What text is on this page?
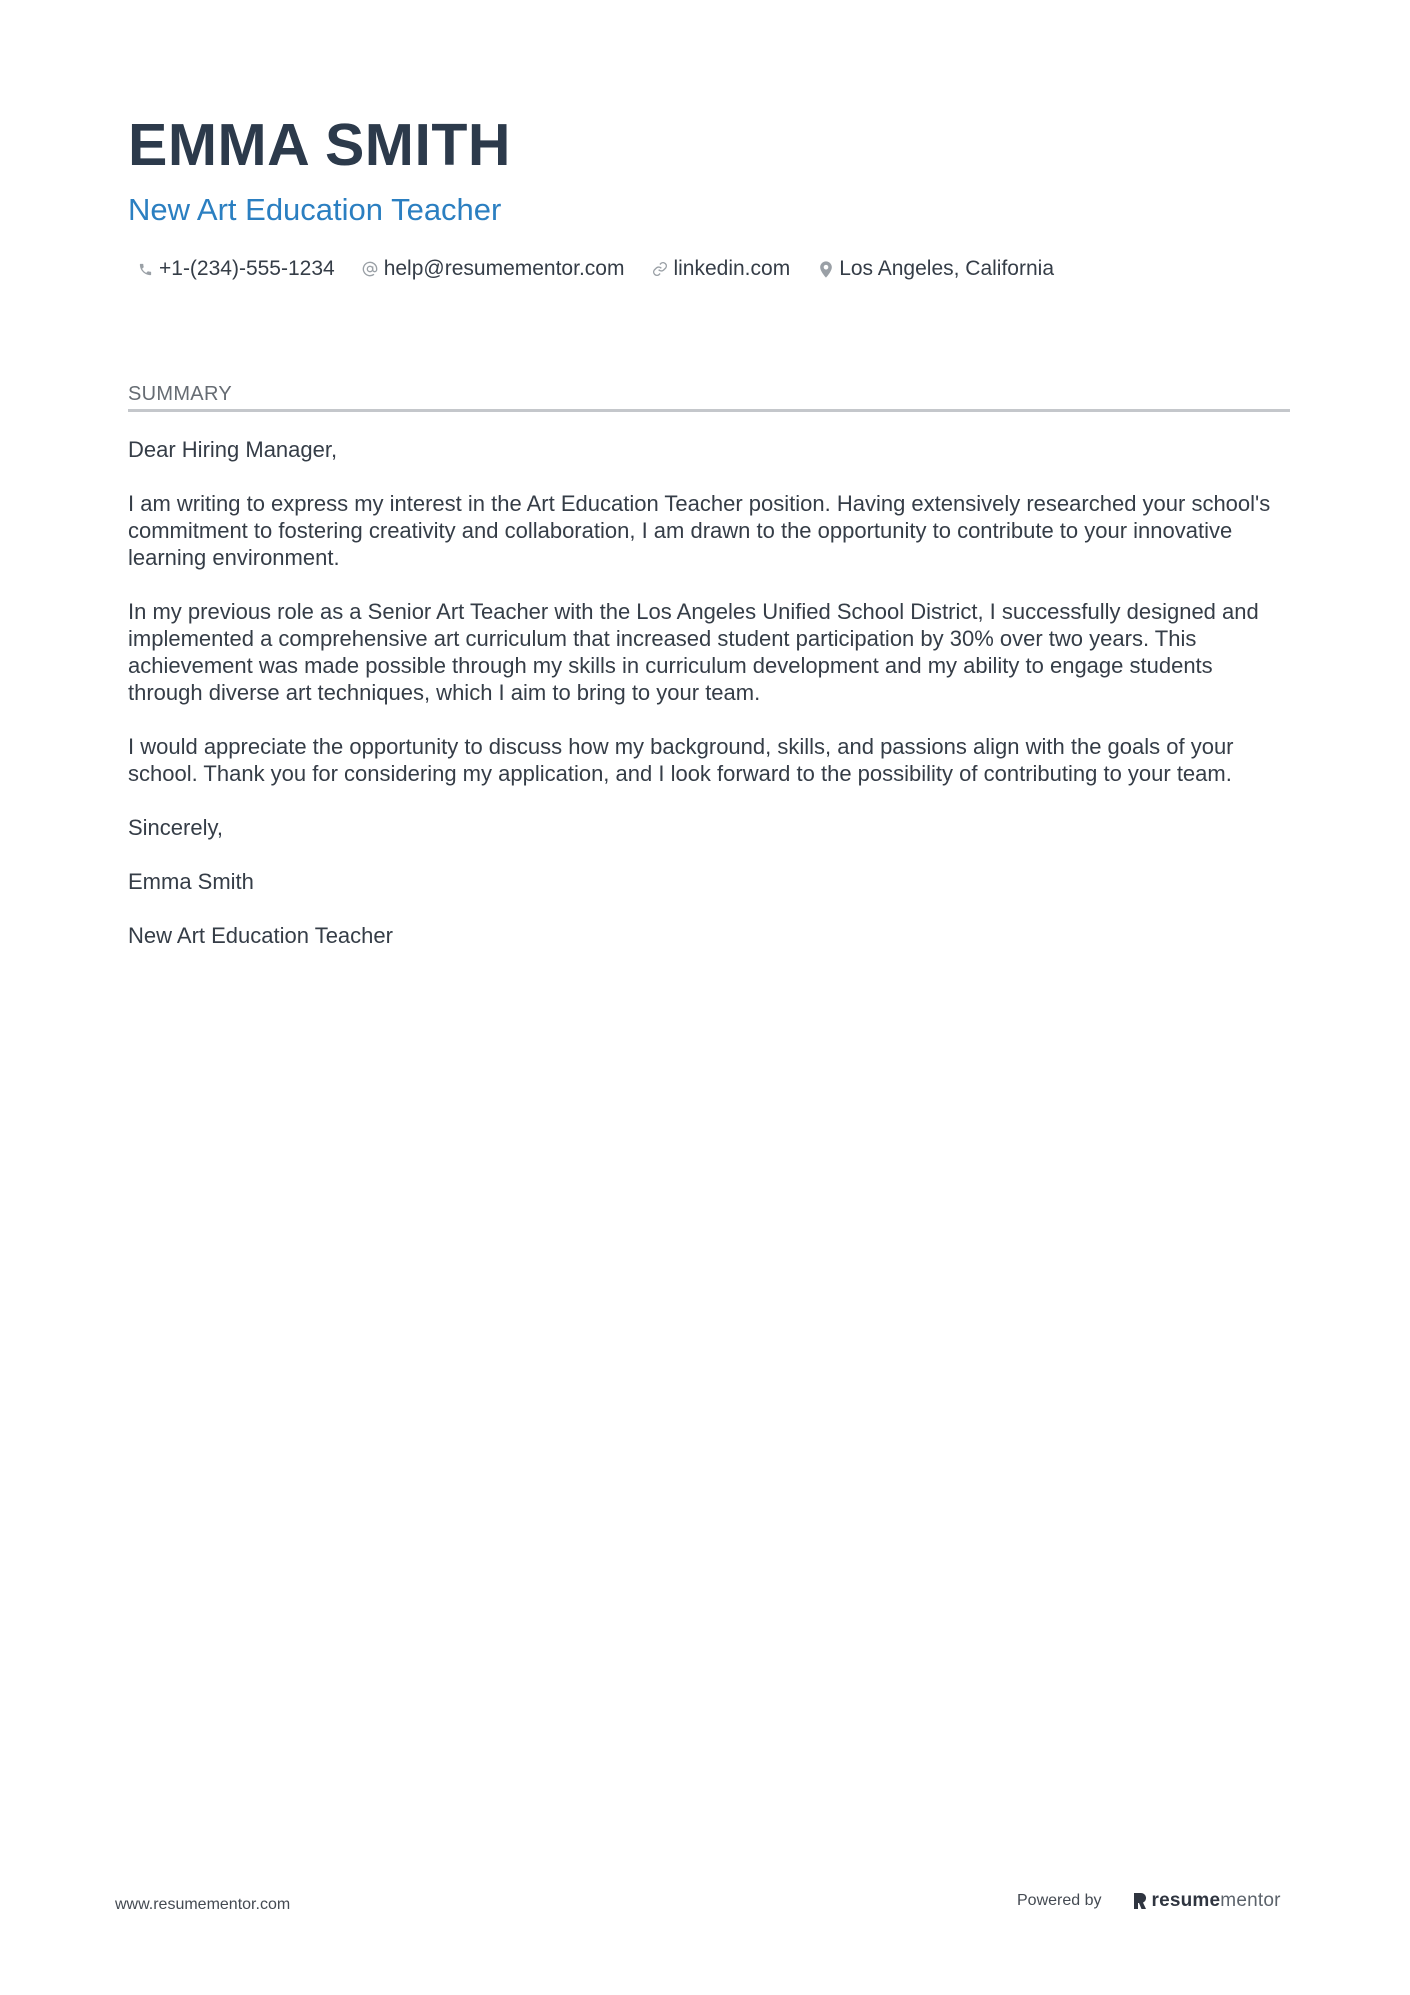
EMMA SMITH
New Art Education Teacher
+1-(234)-555-1234 help@resumementor.com linkedin.com Los Angeles, California
SUMMARY

Dear Hiring Manager,

I am writing to express my interest in the Art Education Teacher position. Having extensively researched your school's commitment to fostering creativity and collaboration, I am drawn to the opportunity to contribute to your innovative learning environment.

In my previous role as a Senior Art Teacher with the Los Angeles Unified School District, I successfully designed and implemented a comprehensive art curriculum that increased student participation by 30% over two years. This achievement was made possible through my skills in curriculum development and my ability to engage students through diverse art techniques, which I aim to bring to your team.

I would appreciate the opportunity to discuss how my background, skills, and passions align with the goals of your school. Thank you for considering my application, and I look forward to the possibility of contributing to your team.

Sincerely,

Emma Smith

New Art Education Teacher

www.resumementor.com	Powered by	resume mentor
